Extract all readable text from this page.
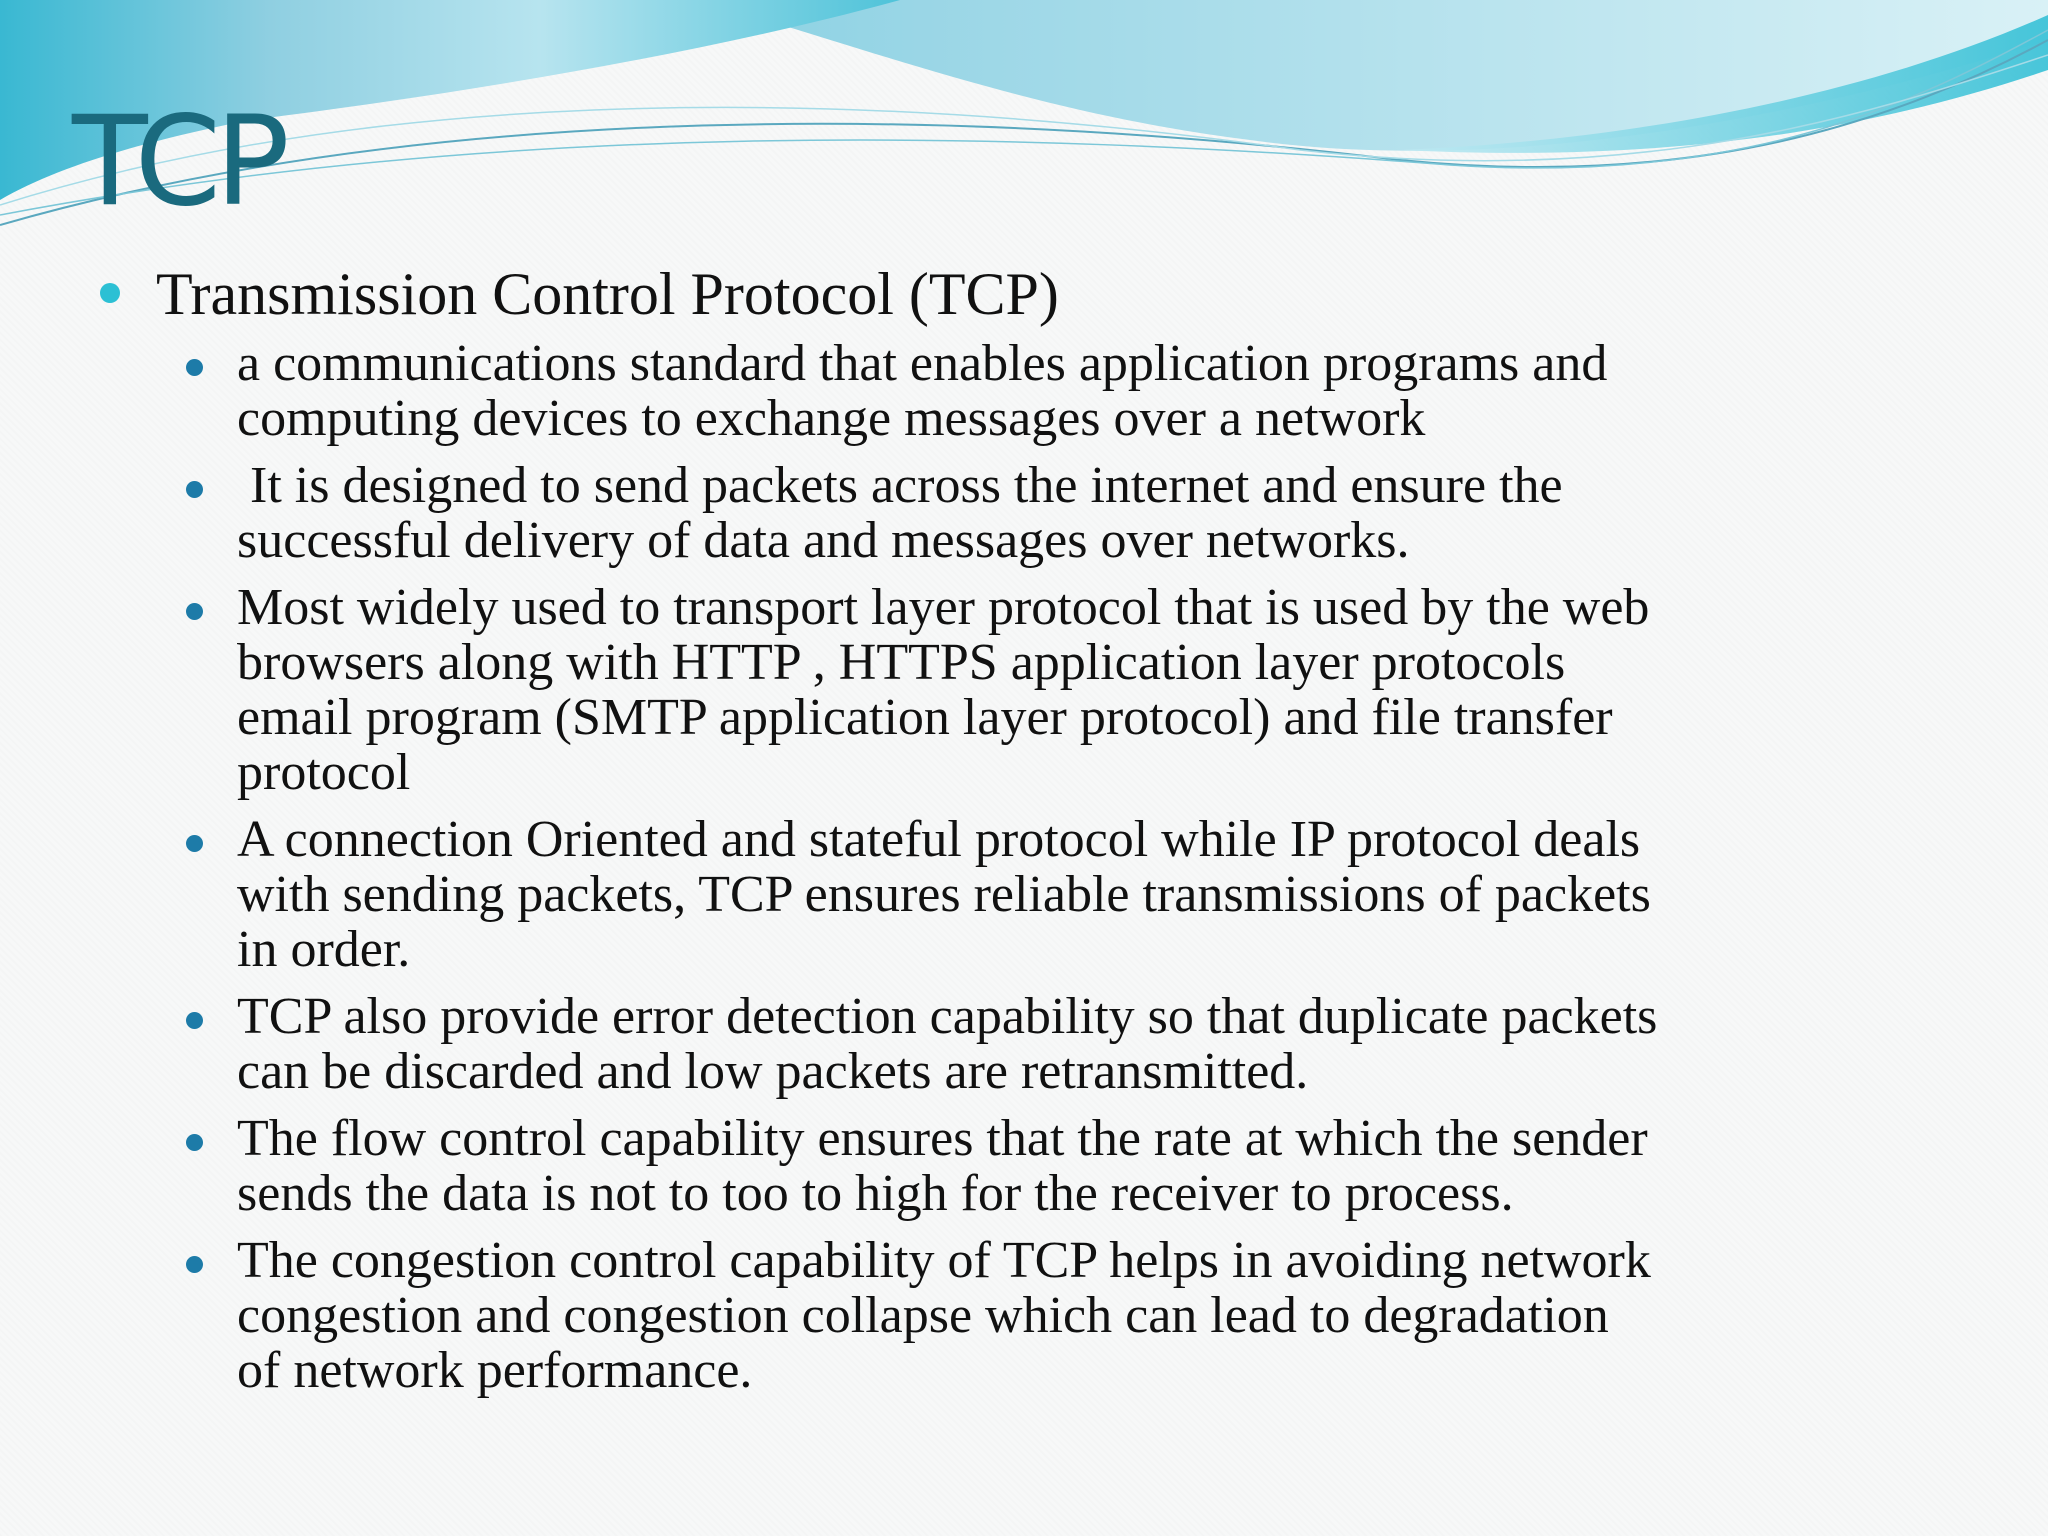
TCP
Transmission Control Protocol (TCP)
a communications standard that enables application programs and
computing devices to exchange messages over a network
It is designed to send packets across the internet and ensure the
successful delivery of data and messages over networks.
Most widely used to transport layer protocol that is used by the web
browsers along with HTTP , HTTPS application layer protocols
email program (SMTP application layer protocol) and file transfer
protocol
A connection Oriented and stateful protocol while IP protocol deals
with sending packets, TCP ensures reliable transmissions of packets
in order.
TCP also provide error detection capability so that duplicate packets
can be discarded and low packets are retransmitted.
The flow control capability ensures that the rate at which the sender
sends the data is not to too to high for the receiver to process.
The congestion control capability of TCP helps in avoiding network
congestion and congestion collapse which can lead to degradation
of network performance.
